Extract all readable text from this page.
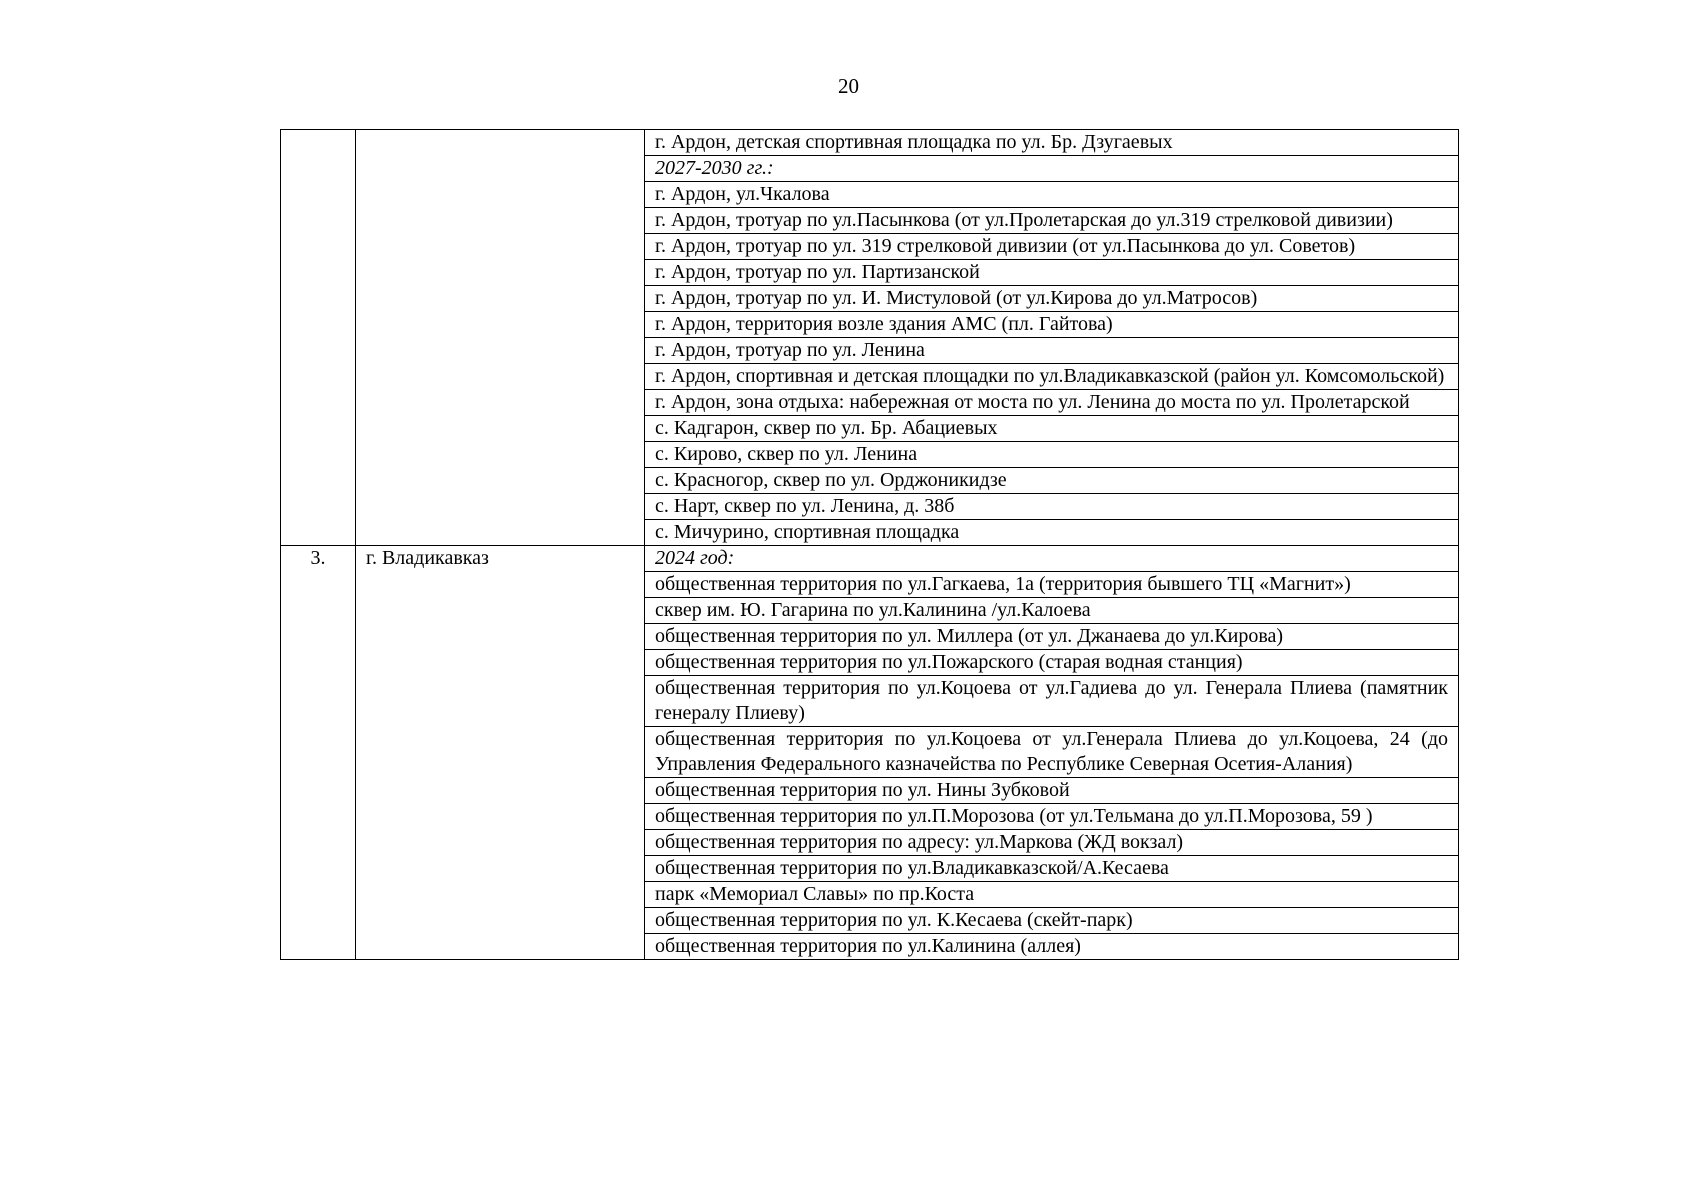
20
		г. Ардон, детская спортивная площадка по ул. Бр. Дзугаевых
		2027-2030 гг.:
		г. Ардон, ул.Чкалова
		г. Ардон, тротуар по ул.Пасынкова (от ул.Пролетарская до ул.319 стрелковой дивизии)
		г. Ардон, тротуар по ул. 319 стрелковой дивизии (от ул.Пасынкова до ул. Советов)
		г. Ардон, тротуар по ул. Партизанской
		г. Ардон, тротуар по ул. И. Мистуловой (от ул.Кирова до ул.Матросов)
		г. Ардон, территория возле здания АМС (пл. Гайтова)
		г. Ардон, тротуар по ул. Ленина
		г. Ардон, спортивная и детская площадки по ул.Владикавказской (район ул. Комсомольской)
		г. Ардон, зона отдыха: набережная от моста по ул. Ленина до моста по ул. Пролетарской
		с. Кадгарон, сквер по ул. Бр. Абациевых
		с. Кирово, сквер по ул. Ленина
		с. Красногор, сквер по ул. Орджоникидзе
		с. Нарт, сквер по ул. Ленина, д. 38б
		с. Мичурино, спортивная площадка
3.	г. Владикавказ	2024 год:
		общественная территория по ул.Гагкаева, 1а (территория бывшего ТЦ «Магнит»)
		сквер им. Ю. Гагарина по ул.Калинина /ул.Калоева
		общественная территория по ул. Миллера (от ул. Джанаева до ул.Кирова)
		общественная территория по ул.Пожарского (старая водная станция)
		общественная территория по ул.Коцоева от ул.Гадиева до ул. Генерала Плиева (памятник генералу Плиеву)
		общественная территория по ул.Коцоева от ул.Генерала Плиева до ул.Коцоева, 24 (до Управления Федерального казначейства по Республике Северная Осетия-Алания)
		общественная территория по ул. Нины Зубковой
		общественная территория по ул.П.Морозова (от ул.Тельмана до ул.П.Морозова, 59 )
		общественная территория по адресу: ул.Маркова (ЖД вокзал)
		общественная территория по ул.Владикавказской/А.Кесаева
		парк «Мемориал Славы» по пр.Коста
		общественная территория по ул. К.Кесаева (скейт-парк)
		общественная территория по ул.Калинина (аллея)
